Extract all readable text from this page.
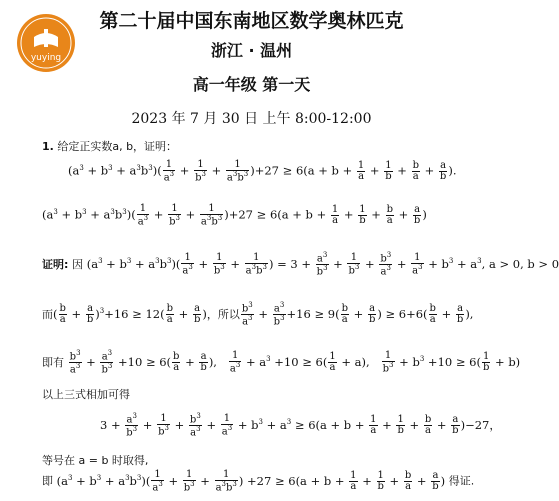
yuying
第二十届中国东南地区数学奥林匹克
浙江 · 温州
高一年级 第一天
2023 年 7 月 30 日 上午 8:00-12:00
1. 给定正实数a, b，证明：
$(a^3 + b^3 + a^3b^3)( \frac{1}{a^3} + \frac{1}{b^3} + \frac{1}{a^3b^3} )+27 \ge 6(a + b + \frac{1}{a} + \frac{1}{b} + \frac{b}{a} + \frac{a}{b}$ ).
$(a^3 + b^3 + a^3b^3)( \frac{1}{a^3} + \frac{1}{b^3} + \frac{1}{a^3b^3} )+27 \ge 6(a + b + \frac{1}{a} + \frac{1}{b} + \frac{b}{a} + \frac{a}{b}$ )
证明: 因 $(a^3 + b^3 + a^3b^3)( \frac{1}{a^3} + \frac{1}{b^3} + \frac{1}{a^3b^3}$ ) = $3 + \frac{a^3}{b^3} + \frac{1}{b^3} + \frac{b^3}{a^3} + \frac{1}{a^3} + b^3 + a^3$, a > 0, b > 0
而( $\frac{b}{a} + \frac{a}{b} )^3+16 \ge 12( \frac{b}{a} + \frac{a}{b}$ )，所以 $\frac{b^3}{a^3} + \frac{a^3}{b^3} +16 \ge 9( \frac{b}{a} + \frac{a}{b}$ ) ≥ $6+6( \frac{b}{a} + \frac{a}{b}$ ),
即有 $\frac{b^3}{a^3} + \frac{a^3}{b^3} +10 \ge 6( \frac{b}{a} + \frac{a}{b}$ ), $\frac{1}{a^3} + a^3 +10 \ge 6( \frac{1}{a} + a)$, $\frac{1}{b^3} + b^3 +10 \ge 6( \frac{1}{b} + b)$
以上三式相加可得
$3 + \frac{a^3}{b^3} + \frac{1}{b^3} + \frac{b^3}{a^3} + \frac{1}{a^3} + b^3 + a^3 \ge 6(a + b + \frac{1}{a} + \frac{1}{b} + \frac{b}{a} + \frac{a}{b} )-27$，
等号在 a = b 时取得,
即 $(a^3 + b^3 + a^3b^3)( \frac{1}{a^3} + \frac{1}{b^3} + \frac{1}{a^3b^3}$ ) $+27 \ge 6(a + b + \frac{1}{a} + \frac{1}{b} + \frac{b}{a} + \frac{a}{b}$ ) 得证.
